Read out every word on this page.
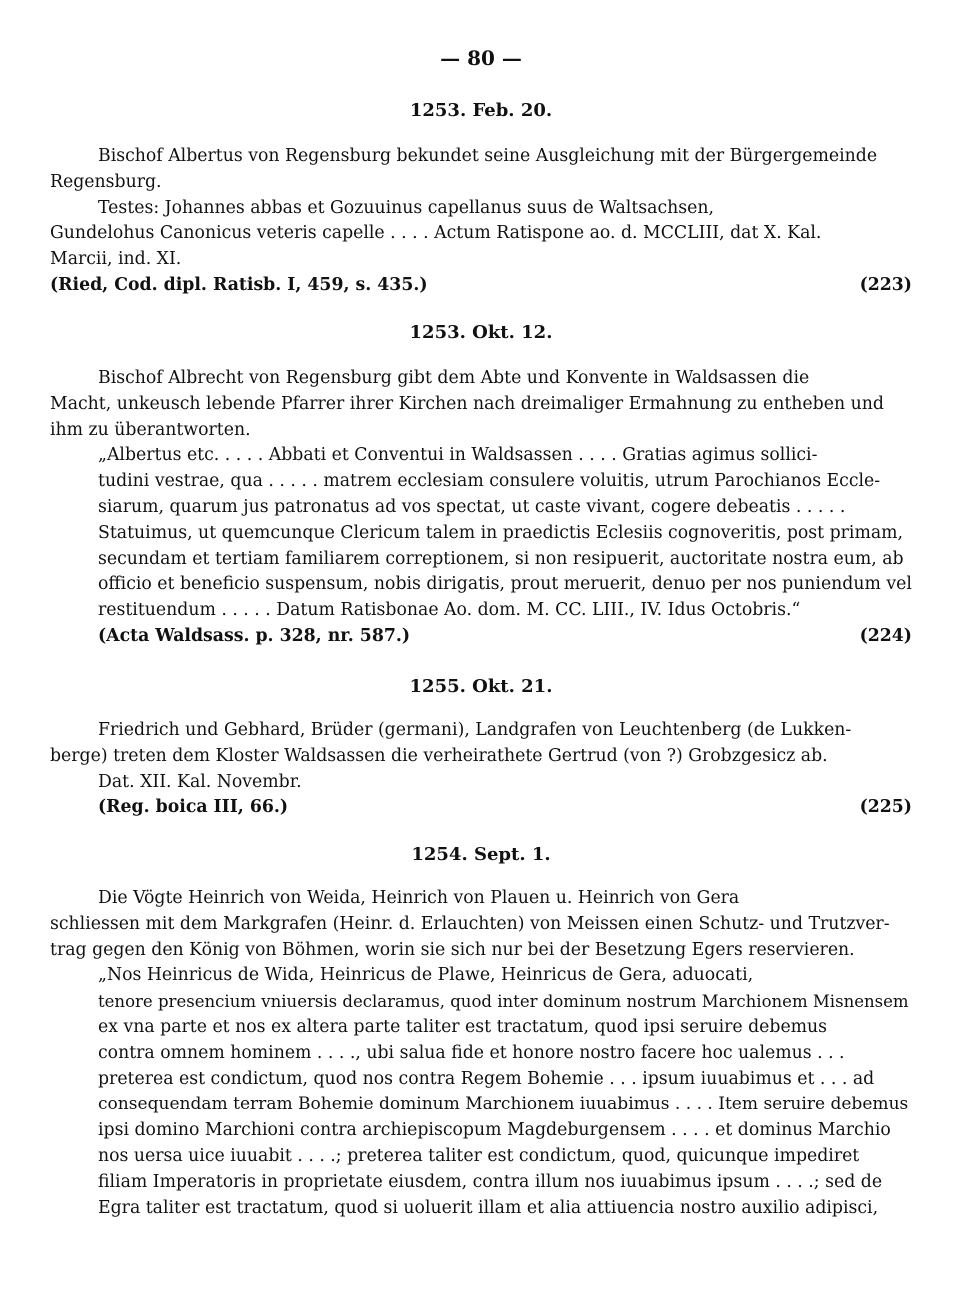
— 80 —
1253. Feb. 20.
Bischof Albertus von Regensburg bekundet seine Ausgleichung mit der Bürgergemeinde
Regensburg.
Testes: Johannes abbas et Gozuuinus capellanus suus de Waltsachsen,
Gundelohus Canonicus veteris capelle . . . . Actum Ratispone ao. d. MCCLIII, dat X. Kal.
Marcii, ind. XI.
(Ried, Cod. dipl. Ratisb. I, 459, s. 435.)	(223)
1253. Okt. 12.
Bischof Albrecht von Regensburg gibt dem Abte und Konvente in Waldsassen die
Macht, unkeusch lebende Pfarrer ihrer Kirchen nach dreimaliger Ermahnung zu entheben und
ihm zu überantworten.
„Albertus etc. . . . . Abbati et Conventui in Waldsassen . . . . Gratias agimus sollici-
tudini vestrae, qua . . . . . matrem ecclesiam consulere voluitis, utrum Parochianos Eccle-
siarum, quarum jus patronatus ad vos spectat, ut caste vivant, cogere debeatis . . . . .
Statuimus, ut quemcunque Clericum talem in praedictis Eclesiis cognoveritis, post primam,
secundam et tertiam familiarem correptionem, si non resipuerit, auctoritate nostra eum, ab
officio et beneficio suspensum, nobis dirigatis, prout meruerit, denuo per nos puniendum vel
restituendum . . . . . Datum Ratisbonae Ao. dom. M. CC. LIII., IV. Idus Octobris.“
(Acta Waldsass. p. 328, nr. 587.)	(224)
1255. Okt. 21.
Friedrich und Gebhard, Brüder (germani), Landgrafen von Leuchtenberg (de Lukken-
berge) treten dem Kloster Waldsassen die verheirathete Gertrud (von ?) Grobzgesicz ab.
Dat. XII. Kal. Novembr.
(Reg. boica III, 66.)	(225)
1254. Sept. 1.
Die Vögte Heinrich von Weida, Heinrich von Plauen u. Heinrich von Gera
schliessen mit dem Markgrafen (Heinr. d. Erlauchten) von Meissen einen Schutz- und Trutzver-
trag gegen den König von Böhmen, worin sie sich nur bei der Besetzung Egers reservieren.
„Nos Heinricus de Wida, Heinricus de Plawe, Heinricus de Gera, aduocati,
tenore presencium vniuersis declaramus, quod inter dominum nostrum Marchionem Misnensem
ex vna parte et nos ex altera parte taliter est tractatum, quod ipsi seruire debemus
contra omnem hominem . . . ., ubi salua fide et honore nostro facere hoc ualemus . . .
preterea est condictum, quod nos contra Regem Bohemie . . . ipsum iuuabimus et . . . ad
consequendam terram Bohemie dominum Marchionem iuuabimus . . . . Item seruire debemus
ipsi domino Marchioni contra archiepiscopum Magdeburgensem . . . . et dominus Marchio
nos uersa uice iuuabit . . . .; preterea taliter est condictum, quod, quicunque impediret
filiam Imperatoris in proprietate eiusdem, contra illum nos iuuabimus ipsum . . . .; sed de
Egra taliter est tractatum, quod si uoluerit illam et alia attiuencia nostro auxilio adipisci,
